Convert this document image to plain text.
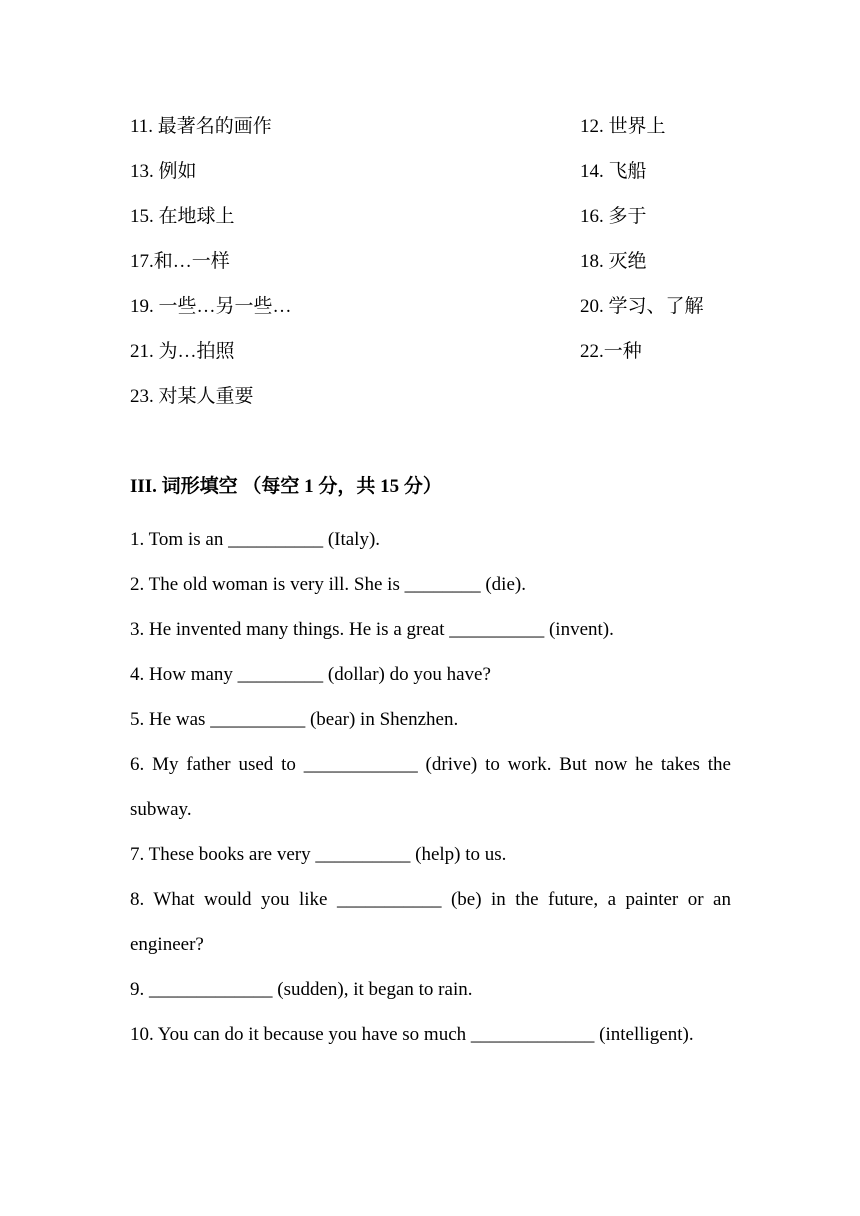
11. 最著名的画作	12. 世界上
13. 例如	14. 飞船
15. 在地球上	16. 多于
17.和…一样	18. 灭绝
19. 一些…另一些…	20. 学习、了解
21. 为…拍照	22.一种
23. 对某人重要
III. 词形填空 （每空 1 分，共 15 分）

1. Tom is an __________ (Italy).

2. The old woman is very ill. She is ________ (die).

3. He invented many things. He is a great __________ (invent).

4. How many _________ (dollar) do you have?

5. He was __________ (bear) in Shenzhen.

6. My father used to ____________ (drive) to work. But now he takes the subway.

7. These books are very __________ (help) to us.

8. What would you like ___________ (be) in the future, a painter or an engineer?

9. _____________ (sudden), it began to rain.

10. You can do it because you have so much _____________ (intelligent).
